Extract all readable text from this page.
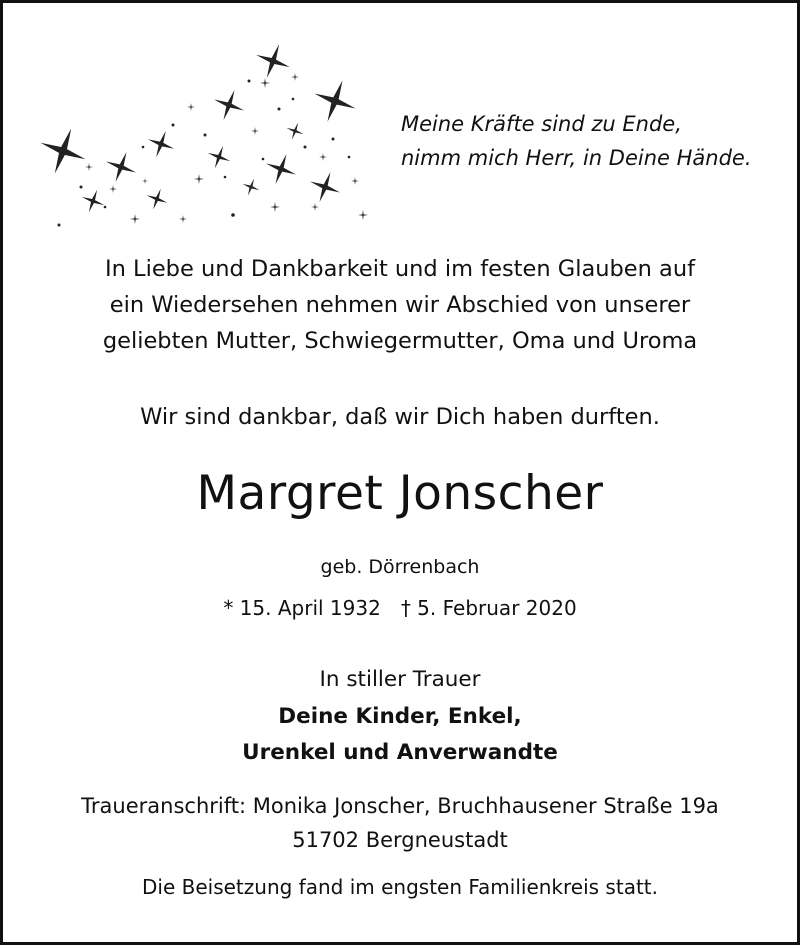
Meine Kräfte sind zu Ende,
nimm mich Herr, in Deine Hände.
In Liebe und Dankbarkeit und im festen Glauben auf
ein Wiedersehen nehmen wir Abschied von unserer
geliebten Mutter, Schwiegermutter, Oma und Uroma
Wir sind dankbar, daß wir Dich haben durften.
Margret Jonscher
geb. Dörrenbach
* 15. April 1932 † 5. Februar 2020
In stiller Trauer
Deine Kinder, Enkel,
Urenkel und Anverwandte
Traueranschrift: Monika Jonscher, Bruchhausener Straße 19a
51702 Bergneustadt
Die Beisetzung fand im engsten Familienkreis statt.
